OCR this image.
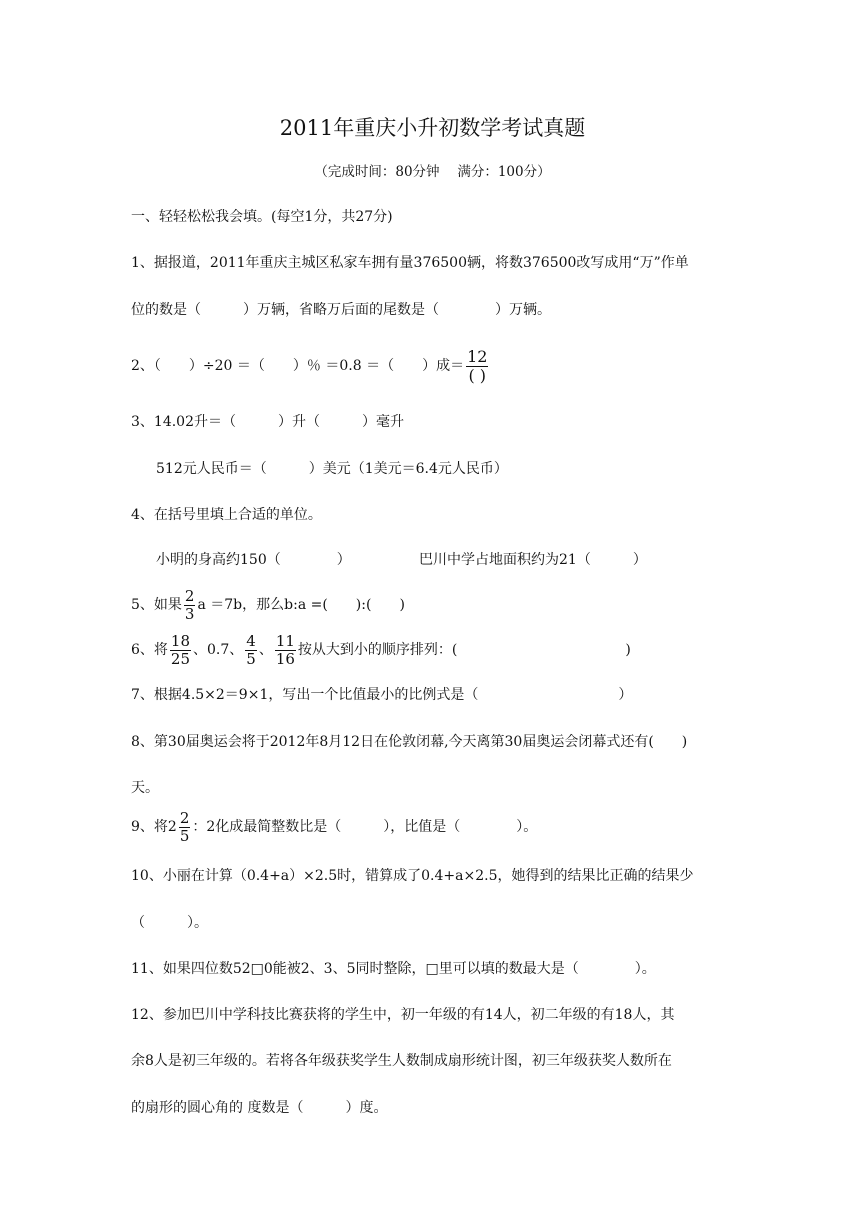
2011年重庆小升初数学考试真题
（完成时间：80分钟　 满分：100分）
一、轻轻松松我会填。(每空1分，共27分)
1、据报道，2011年重庆主城区私家车拥有量376500辆，将数376500改写成用“万”作单
位的数是（　　　）万辆，省略万后面的尾数是（　　　　）万辆。
2、（　　）÷20 ＝（　　）％ ＝0.8 ＝（　　）成＝ $\frac{12}{( )}$
3、14.02升＝（　　　）升（　　　）毫升
512元人民币＝（　　　）美元（1美元＝6.4元人民币）
4、在括号里填上合适的单位。
小明的身高约150（　　　　）	巴川中学占地面积约为21（　　　）
5、如果 $\frac{2}{3}$ a ＝7b，那么b:a =(　　):(　　)
6、将 $\frac{18}{25}$ 、0.7、 $\frac{4}{5}$ 、 $\frac{11}{16}$ 按从大到小的顺序排列：(　　　　　　　　　　　　)
7、根据4.5×2＝9×1，写出一个比值最小的比例式是（　　　　　　　　　　）
8、第30届奥运会将于2012年8月12日在伦敦闭幕,今天离第30届奥运会闭幕式还有(　　)
天。
9、将$2 \frac{2}{5}$ ：2化成最简整数比是（　　　），比值是（　　　　）。
10、小丽在计算（0.4+a）×2.5时，错算成了0.4+a×2.5，她得到的结果比正确的结果少
（　　　）。
11、如果四位数52□0能被2、3、5同时整除，□里可以填的数最大是（　　　　）。
12、参加巴川中学科技比赛获将的学生中，初一年级的有14人，初二年级的有18人，其
余8人是初三年级的。若将各年级获奖学生人数制成扇形统计图，初三年级获奖人数所在
的扇形的圆心角的 度数是（　　　）度。
